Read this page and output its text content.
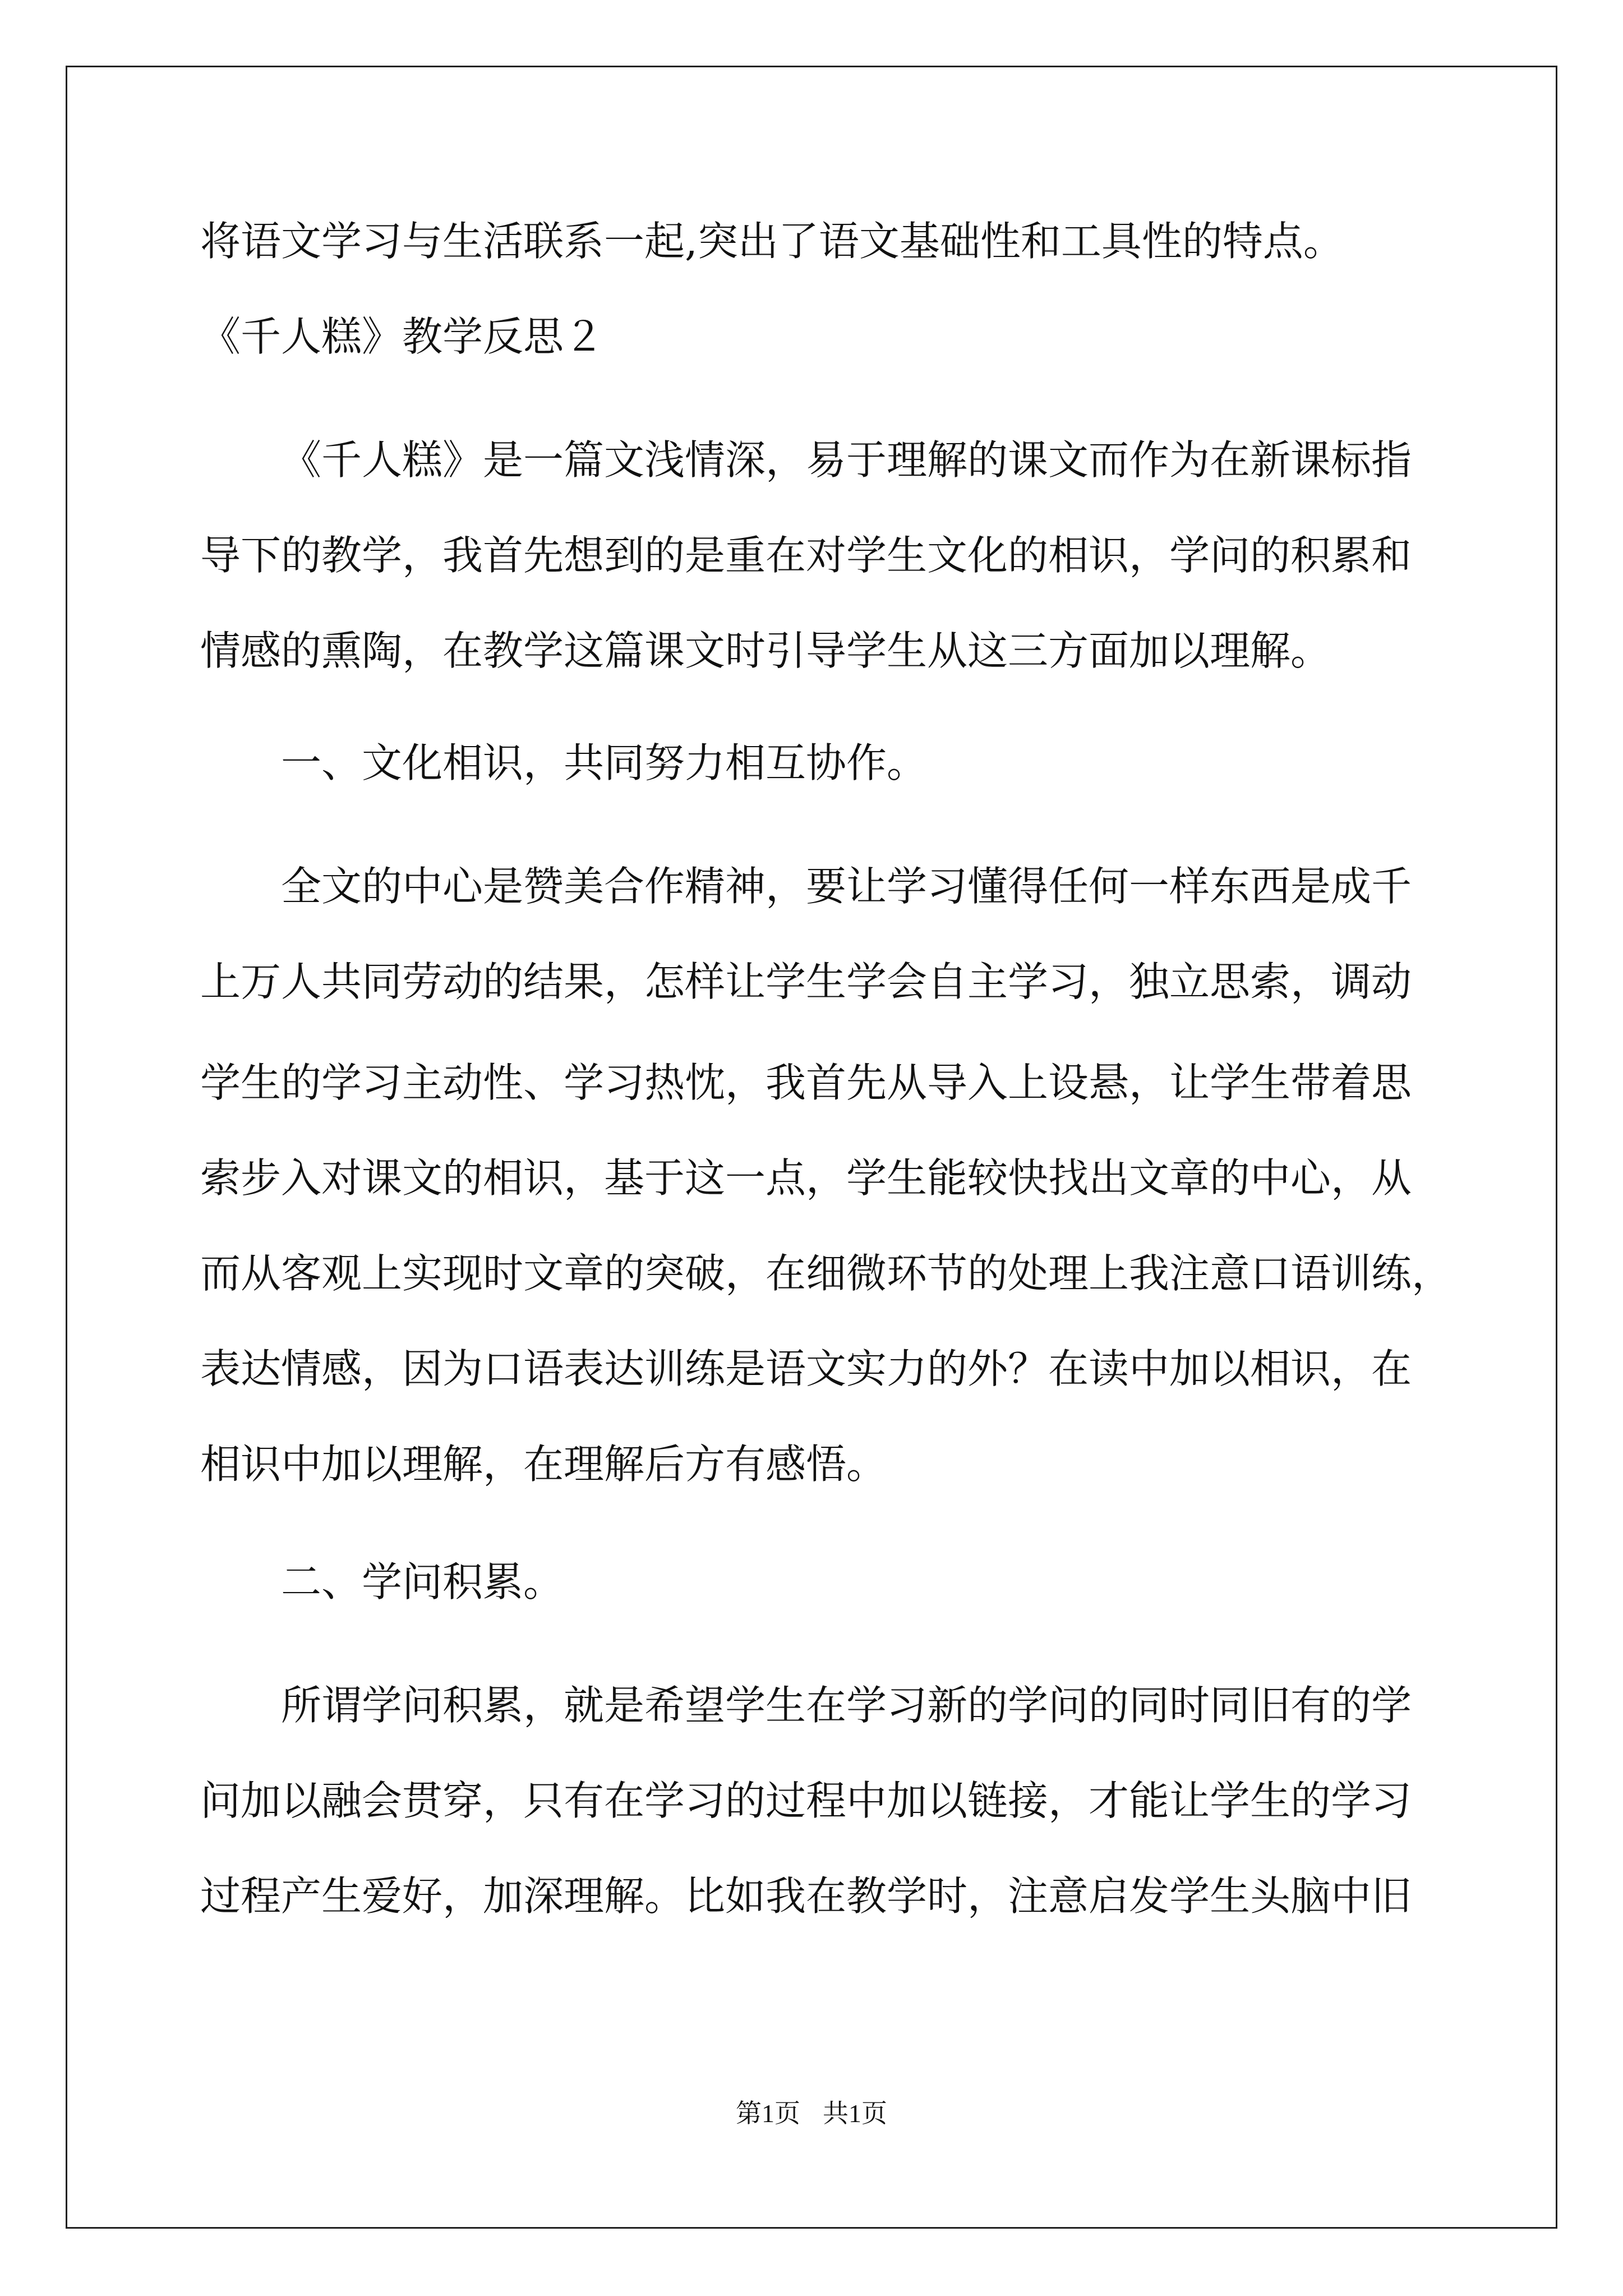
将语文学习与生活联系一起,突出了语文基础性和工具性的特点。
《千人糕》教学反思２
《千人糕》是一篇文浅情深，易于理解的课文而作为在新课标指
导下的教学，我首先想到的是重在对学生文化的相识，学问的积累和
情感的熏陶，在教学这篇课文时引导学生从这三方面加以理解。
一、文化相识，共同努力相互协作。
全文的中心是赞美合作精神，要让学习懂得任何一样东西是成千
上万人共同劳动的结果，怎样让学生学会自主学习，独立思索，调动
学生的学习主动性、学习热忱，我首先从导入上设悬，让学生带着思
索步入对课文的相识，基于这一点，学生能较快找出文章的中心，从
而从客观上实现时文章的突破，在细微环节的处理上我注意口语训练，
表达情感，因为口语表达训练是语文实力的外？在读中加以相识，在
相识中加以理解，在理解后方有感悟。
二、学问积累。
所谓学问积累，就是希望学生在学习新的学问的同时同旧有的学
问加以融会贯穿，只有在学习的过程中加以链接，才能让学生的学习
过程产生爱好，加深理解。比如我在教学时，注意启发学生头脑中旧
第1页 共1页
